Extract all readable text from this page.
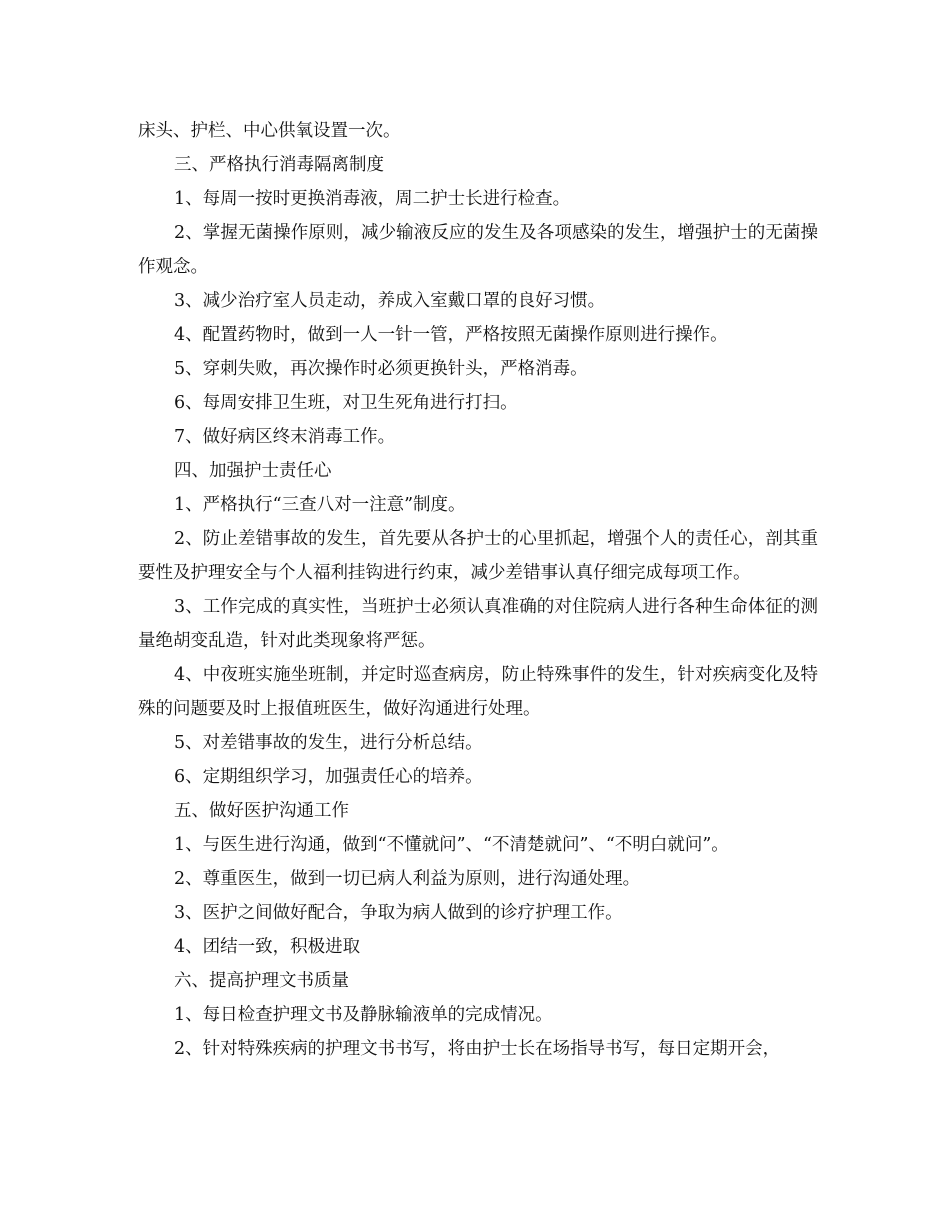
床头、护栏、中心供氧设置一次。

三、严格执行消毒隔离制度

1、每周一按时更换消毒液，周二护士长进行检查。

2、掌握无菌操作原则，减少输液反应的发生及各项感染的发生，增强护士的无菌操作观念。

3、减少治疗室人员走动，养成入室戴口罩的良好习惯。

4、配置药物时，做到一人一针一管，严格按照无菌操作原则进行操作。

5、穿刺失败，再次操作时必须更换针头，严格消毒。

6、每周安排卫生班，对卫生死角进行打扫。

7、做好病区终末消毒工作。

四、加强护士责任心

1、严格执行“三查八对一注意”制度。

2、防止差错事故的发生，首先要从各护士的心里抓起，增强个人的责任心，剖其重要性及护理安全与个人福利挂钩进行约束，减少差错事认真仔细完成每项工作。

3、工作完成的真实性，当班护士必须认真准确的对住院病人进行各种生命体征的测量绝胡变乱造，针对此类现象将严惩。

4、中夜班实施坐班制，并定时巡查病房，防止特殊事件的发生，针对疾病变化及特殊的问题要及时上报值班医生，做好沟通进行处理。

5、对差错事故的发生，进行分析总结。

6、定期组织学习，加强责任心的培养。

五、做好医护沟通工作

1、与医生进行沟通，做到“不懂就问”、“不清楚就问”、“不明白就问”。

2、尊重医生，做到一切已病人利益为原则，进行沟通处理。

3、医护之间做好配合，争取为病人做到的诊疗护理工作。

4、团结一致，积极进取

六、提高护理文书质量

1、每日检查护理文书及静脉输液单的完成情况。

2、针对特殊疾病的护理文书书写，将由护士长在场指导书写，每日定期开会，
